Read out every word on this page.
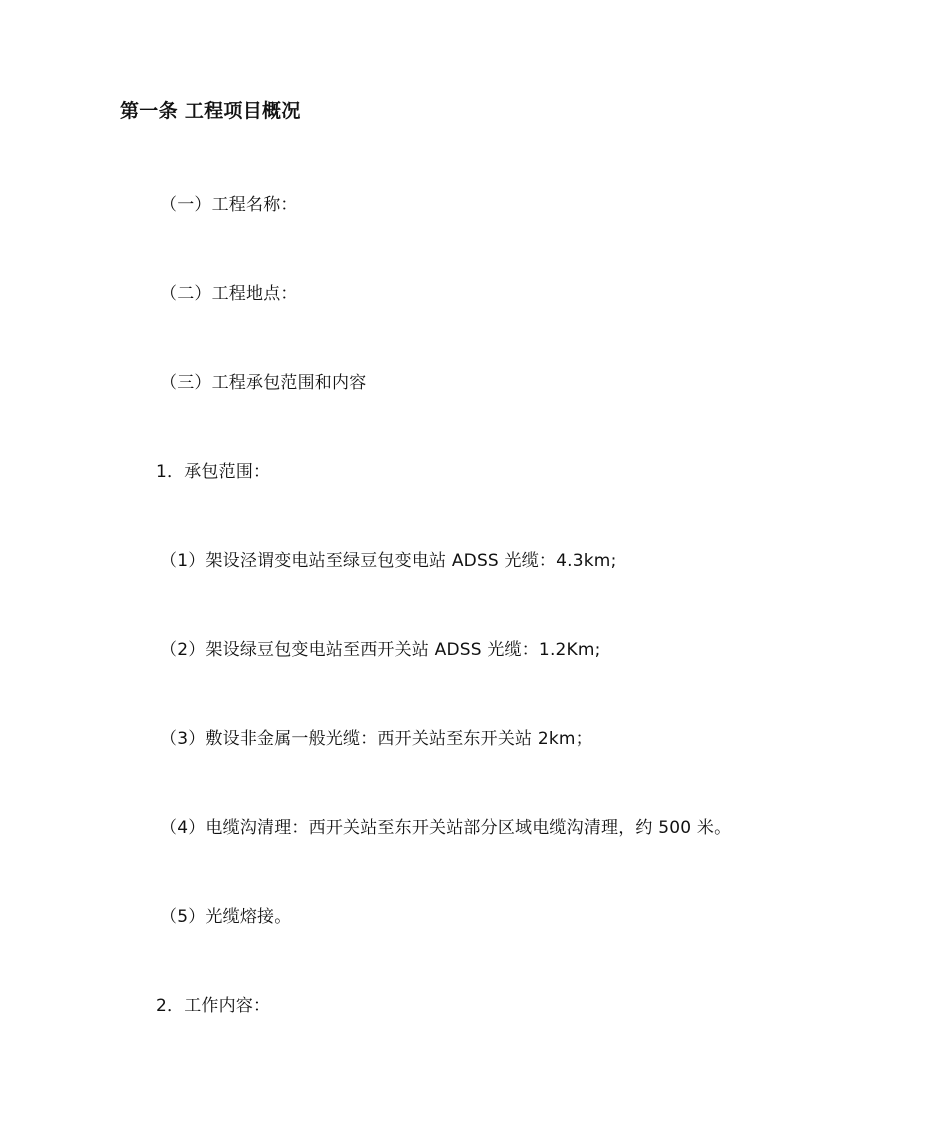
第一条 工程项目概况
（一）工程名称：
（二）工程地点：
（三）工程承包范围和内容
1．承包范围：
（1）架设泾谓变电站至绿豆包变电站 ADSS 光缆：4.3km;
（2）架设绿豆包变电站至西开关站 ADSS 光缆：1.2Km;
（3）敷设非金属一般光缆：西开关站至东开关站 2km；
（4）电缆沟清理：西开关站至东开关站部分区域电缆沟清理，约 500 米。
（5）光缆熔接。
2．工作内容：
